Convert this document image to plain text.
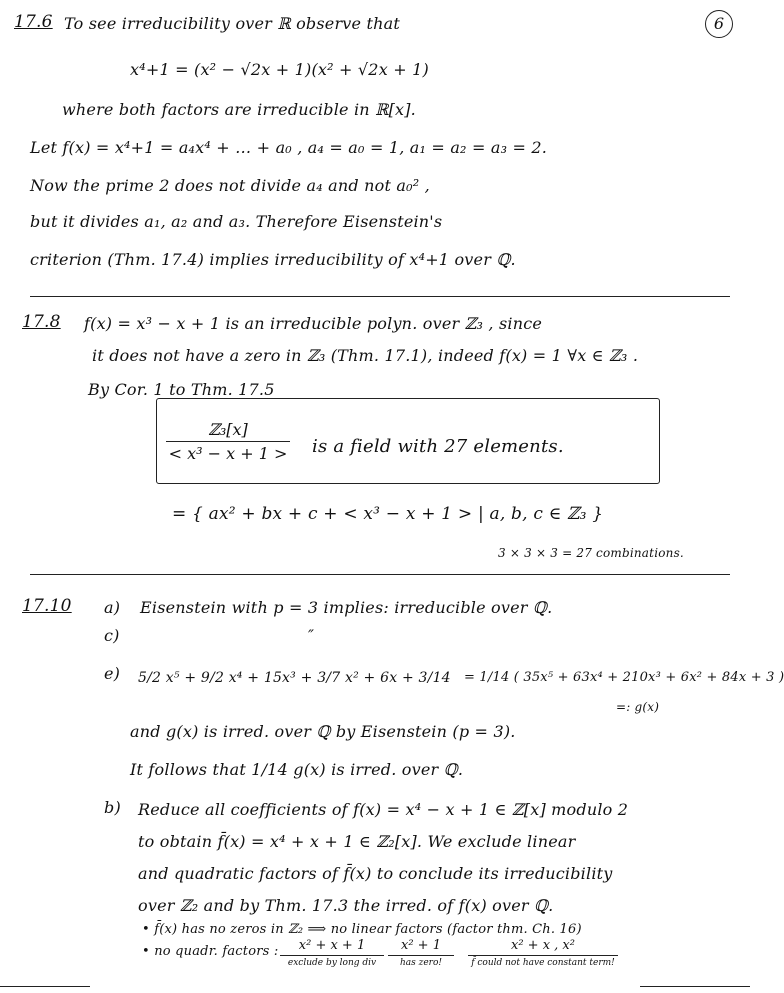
6
17.6 To see irreducibility over ℝ observe that
x⁴+1 = (x² − √2x + 1)(x² + √2x + 1)
where both factors are irreducible in ℝ[x].
Let f(x) = x⁴+1 = a₄x⁴ + … + a₀ , a₄ = a₀ = 1, a₁ = a₂ = a₃ = 2.
Now the prime 2 does not divide a₄ and not a₀² ,
but it divides a₁, a₂ and a₃. Therefore Eisenstein's
criterion (Thm. 17.4) implies irreducibility of x⁴+1 over ℚ.
17.8 f(x) = x³ − x + 1 is an irreducible polyn. over ℤ₃ , since
it does not have a zero in ℤ₃ (Thm. 17.1), indeed f(x) = 1 ∀x ∈ ℤ₃ .
By Cor. 1 to Thm. 17.5
ℤ₃[x]
< x³ − x + 1 > is a field with 27 elements.
= { ax² + bx + c + < x³ − x + 1 > | a, b, c ∈ ℤ₃ }
3 × 3 × 3 = 27 combinations.
17.10 a) Eisenstein with p = 3 implies: irreducible over ℚ.
c)	″
e) 5/2 x⁵ + 9/2 x⁴ + 15x³ + 3/7 x² + 6x + 3/14 = 1/14 ( 35x⁵ + 63x⁴ + 210x³ + 6x² + 84x + 3 )
=: g(x)
and g(x) is irred. over ℚ by Eisenstein (p = 3).
It follows that 1/14 g(x) is irred. over ℚ.
b) Reduce all coefficients of f(x) = x⁴ − x + 1 ∈ ℤ[x] modulo 2
to obtain f̄(x) = x⁴ + x + 1 ∈ ℤ₂[x]. We exclude linear
and quadratic factors of f̄(x) to conclude its irreducibility
over ℤ₂ and by Thm. 17.3 the irred. of f(x) over ℚ.
• f̄(x) has no zeros in ℤ₂ ⟹ no linear factors (factor thm. Ch. 16)
• no quadr. factors :	x² + x + 1
exclude by long div
x² + 1
has zero!
x² + x , x²
f̄ could not have constant term!
